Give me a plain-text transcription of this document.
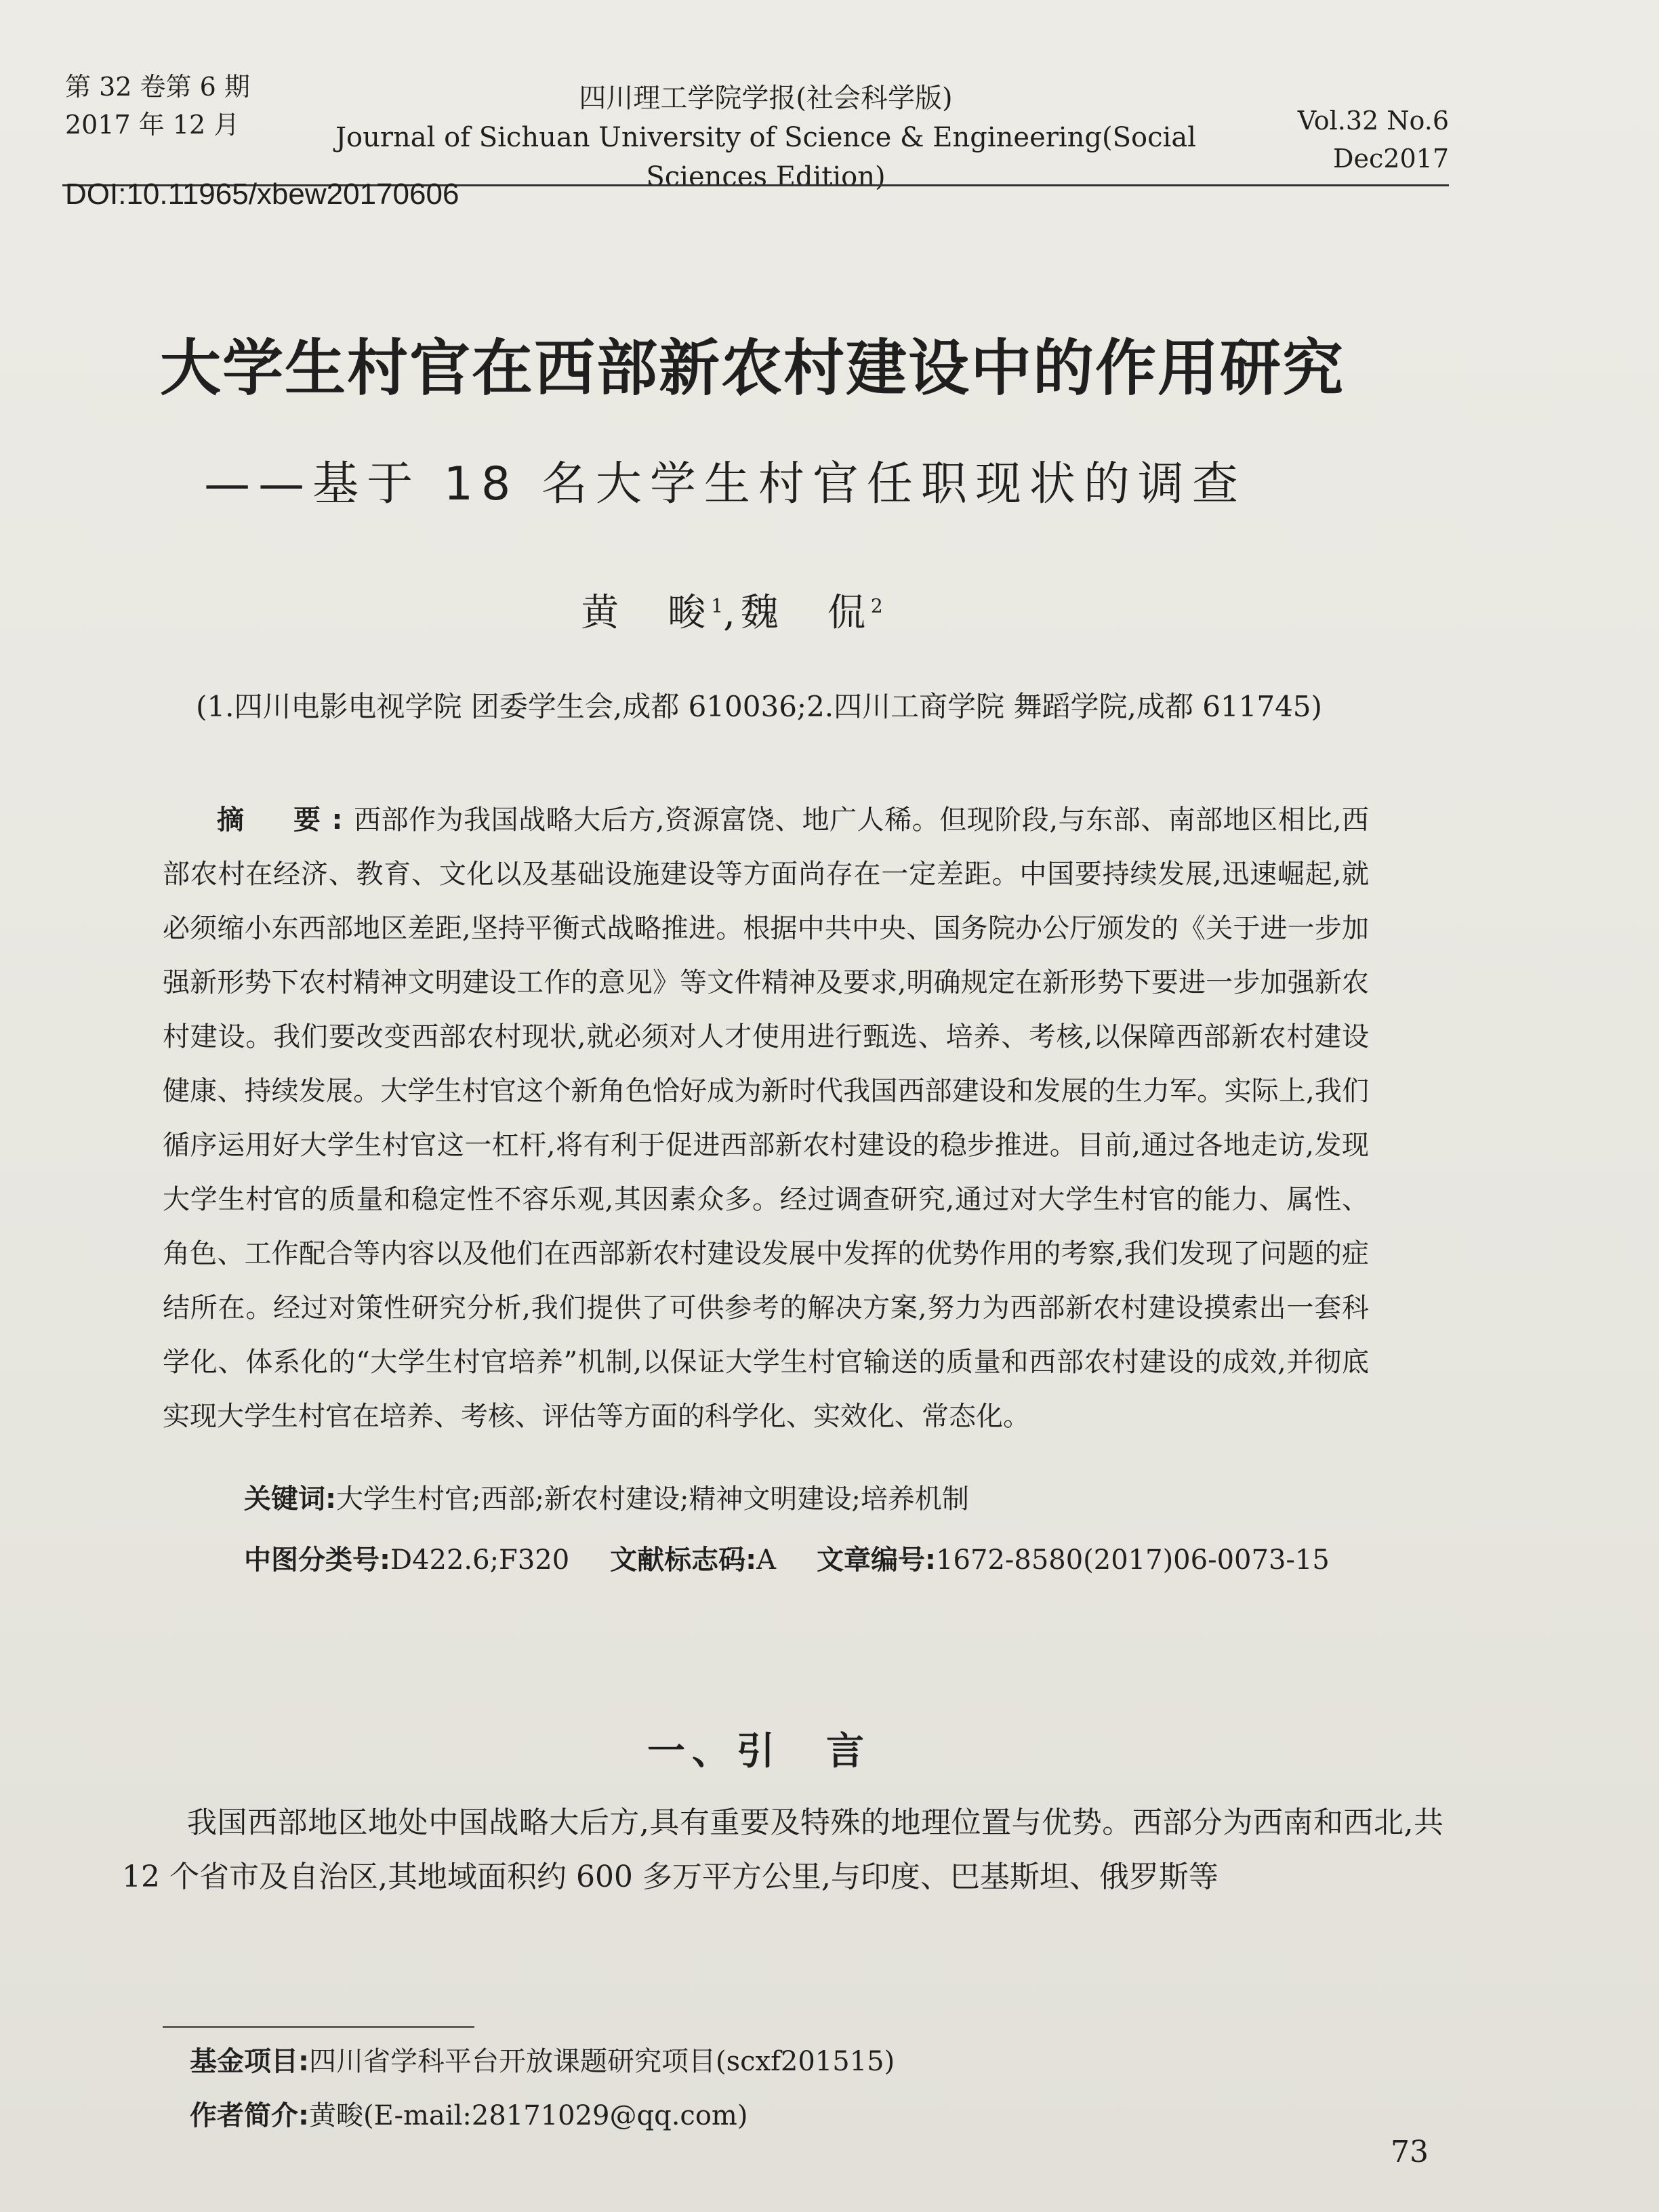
第 32 卷第 6 期
2017 年 12 月
四川理工学院学报(社会科学版)
Journal of Sichuan University of Science & Engineering(Social Sciences Edition)
Vol.32 No.6
Dec2017
DOI:10.11965/xbew20170606
大学生村官在西部新农村建设中的作用研究
——基于 18 名大学生村官任职现状的调查
黄　畯$^1$,魏　侃$^2$
(1.四川电影电视学院 团委学生会,成都 610036;2.四川工商学院 舞蹈学院,成都 611745)
摘　要:西部作为我国战略大后方,资源富饶、地广人稀。但现阶段,与东部、南部地区相比,西部农村在经济、教育、文化以及基础设施建设等方面尚存在一定差距。中国要持续发展,迅速崛起,就必须缩小东西部地区差距,坚持平衡式战略推进。根据中共中央、国务院办公厅颁发的《关于进一步加强新形势下农村精神文明建设工作的意见》等文件精神及要求,明确规定在新形势下要进一步加强新农村建设。我们要改变西部农村现状,就必须对人才使用进行甄选、培养、考核,以保障西部新农村建设健康、持续发展。大学生村官这个新角色恰好成为新时代我国西部建设和发展的生力军。实际上,我们循序运用好大学生村官这一杠杆,将有利于促进西部新农村建设的稳步推进。目前,通过各地走访,发现大学生村官的质量和稳定性不容乐观,其因素众多。经过调查研究,通过对大学生村官的能力、属性、角色、工作配合等内容以及他们在西部新农村建设发展中发挥的优势作用的考察,我们发现了问题的症结所在。经过对策性研究分析,我们提供了可供参考的解决方案,努力为西部新农村建设摸索出一套科学化、体系化的“大学生村官培养”机制,以保证大学生村官输送的质量和西部农村建设的成效,并彻底实现大学生村官在培养、考核、评估等方面的科学化、实效化、常态化。
关键词:大学生村官;西部;新农村建设;精神文明建设;培养机制
中图分类号:D422.6;F320 文献标志码:A 文章编号:1672-8580(2017)06-0073-15
一、引　言
我国西部地区地处中国战略大后方,具有重要及特殊的地理位置与优势。西部分为西南和西北,共 12 个省市及自治区,其地域面积约 600 多万平方公里,与印度、巴基斯坦、俄罗斯等
基金项目:四川省学科平台开放课题研究项目(scxf201515)
作者简介:黄畯(E-mail:28171029@qq.com)
73
